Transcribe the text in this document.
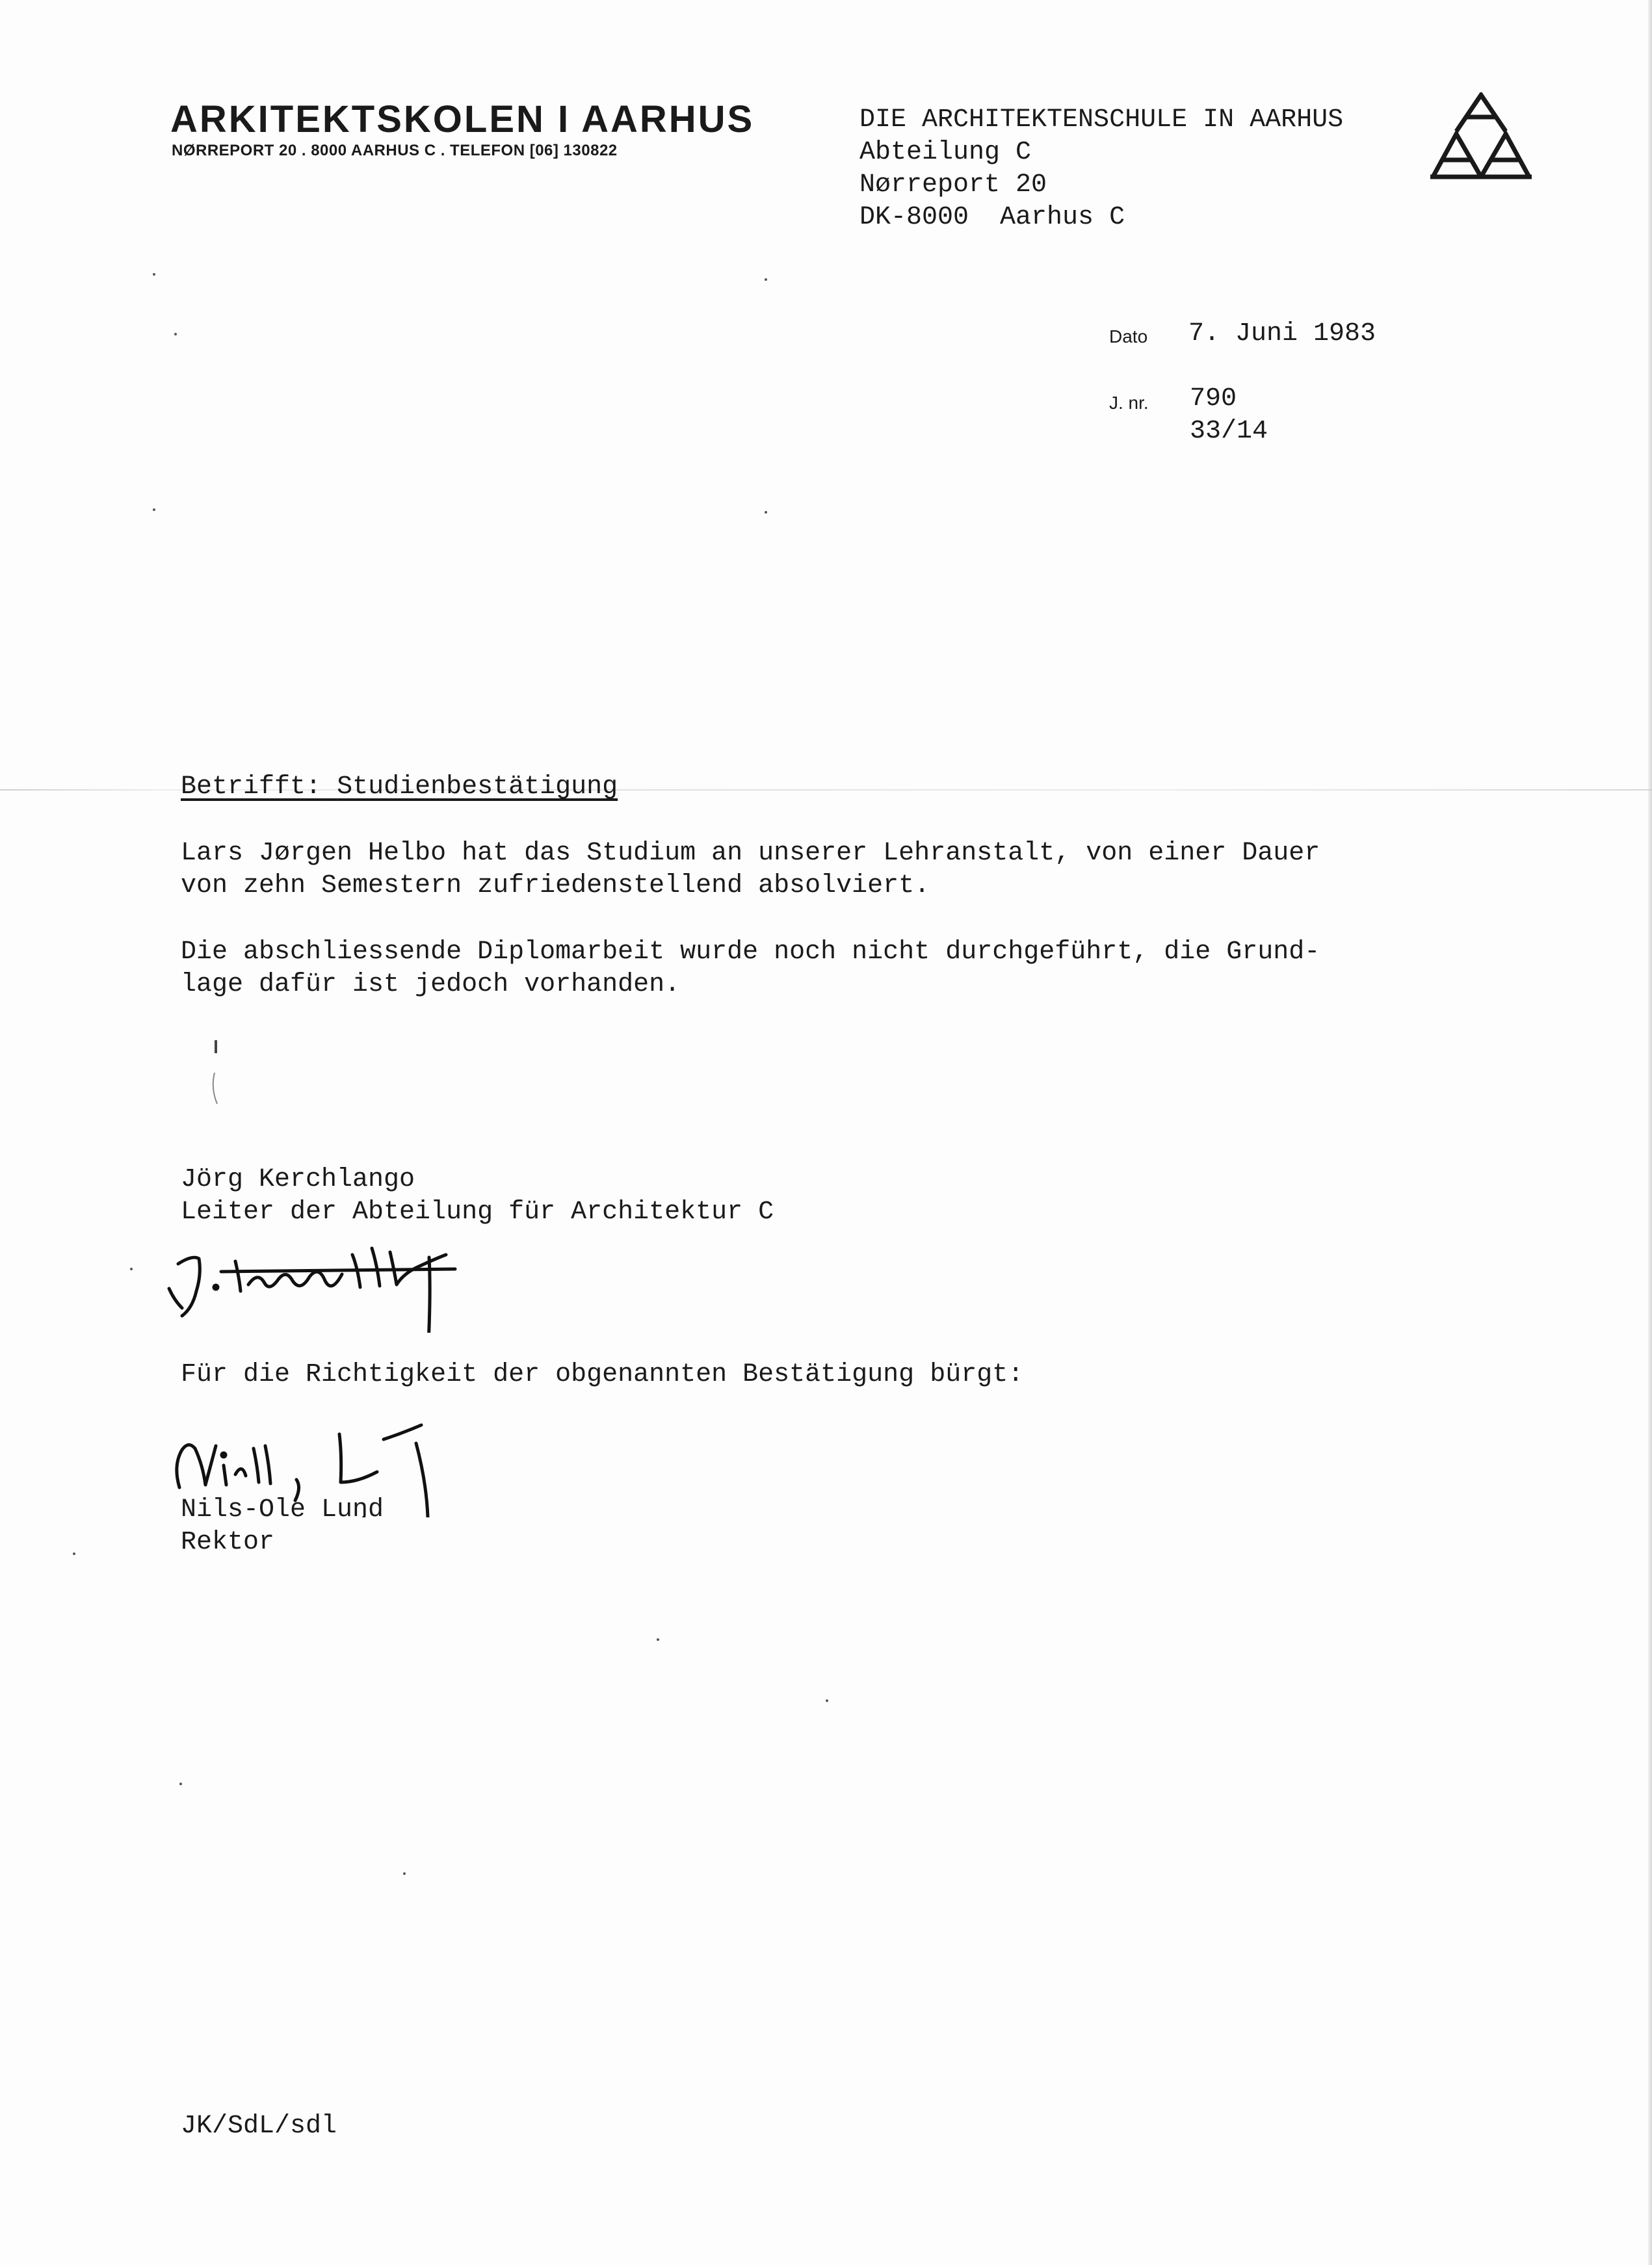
ARKITEKTSKOLEN I AARHUS
NØRREPORT 20 . 8000 AARHUS C . TELEFON [06] 130822
DIE ARCHITEKTENSCHULE IN AARHUS
Abteilung C
Nørreport 20
DK-8000  Aarhus C
Dato 7. Juni 1983
J. nr. 790
33/14
Betrifft: Studienbestätigung
Lars Jørgen Helbo hat das Studium an unserer Lehranstalt, von einer Dauer
von zehn Semestern zufriedenstellend absolviert.
Die abschliessende Diplomarbeit wurde noch nicht durchgeführt, die Grund-
lage dafür ist jedoch vorhanden.
Jörg Kerchlango
Leiter der Abteilung für Architektur C
Für die Richtigkeit der obgenannten Bestätigung bürgt:
Nils-Ole Lund
Rektor
JK/SdL/sdl
